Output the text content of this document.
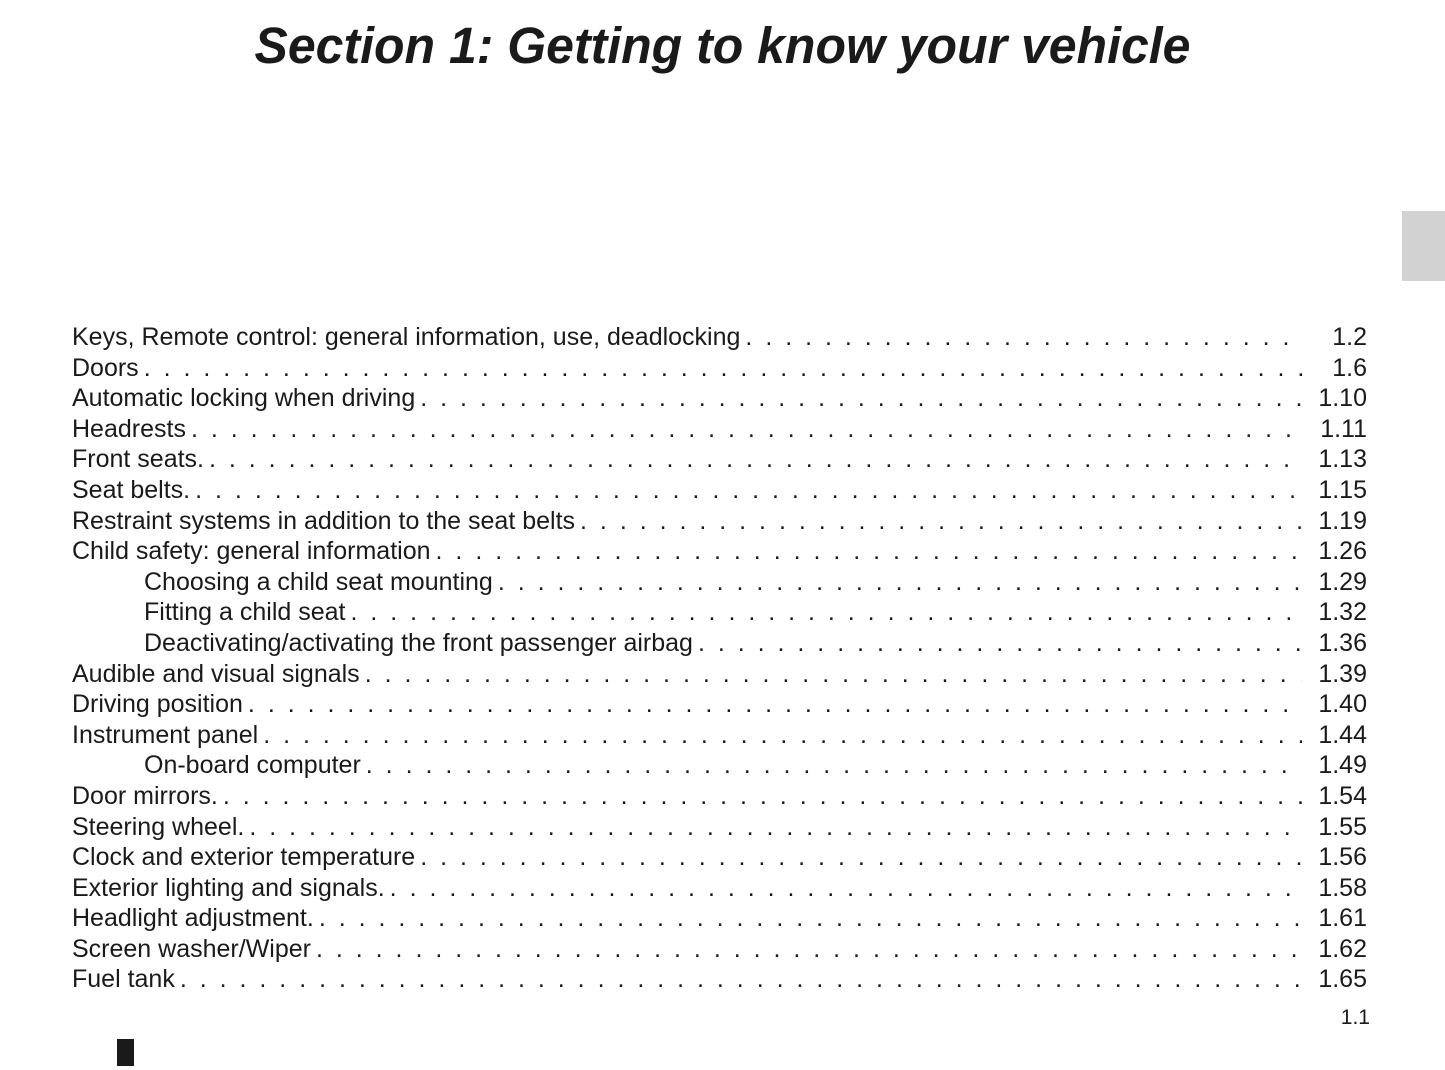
Section 1: Getting to know your vehicle
Keys, Remote control: general information, use, deadlocking . . .	1.2
Doors . . .	1.6
Automatic locking when driving . . .	1.10
Headrests . . .	1.11
Front seats. . . .	1.13
Seat belts. . . .	1.15
Restraint systems in addition to the seat belts . . .	1.19
Child safety: general information . . .	1.26
Choosing a child seat mounting . . .	1.29
Fitting a child seat . . .	1.32
Deactivating/activating the front passenger airbag . . .	1.36
Audible and visual signals . . .	1.39
Driving position . . .	1.40
Instrument panel . . .	1.44
On-board computer . . .	1.49
Door mirrors. . . .	1.54
Steering wheel. . . .	1.55
Clock and exterior temperature . . .	1.56
Exterior lighting and signals. . . .	1.58
Headlight adjustment. . . .	1.61
Screen washer/Wiper . . .	1.62
Fuel tank . . .	1.65
1.1
